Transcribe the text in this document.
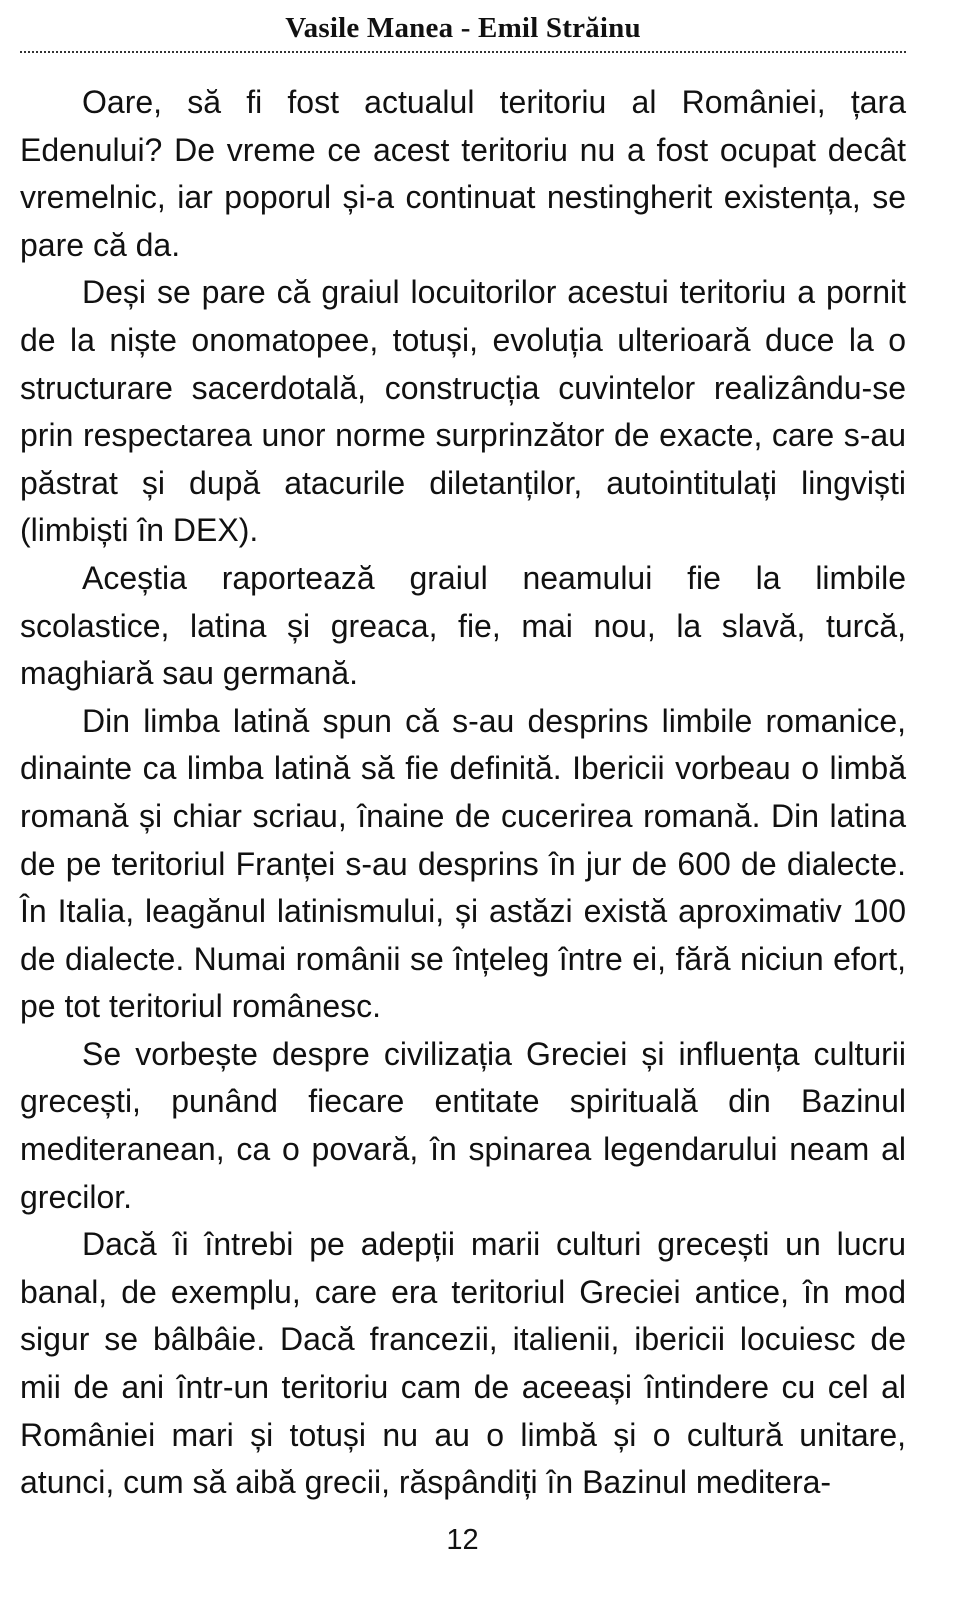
Vasile Manea - Emil Străinu

Oare, să fi fost actualul teritoriu al României, țara Edenului? De vreme ce acest teritoriu nu a fost ocupat decât vremelnic, iar poporul și-a continuat nestingherit existența, se pare că da.

Deși se pare că graiul locuitorilor acestui teritoriu a pornit de la niște onomatopee, totuși, evoluția ulterioară duce la o structurare sacerdotală, construcția cuvintelor realizându-se prin respectarea unor norme surprinzător de exacte, care s-au păstrat și după atacurile diletanților, autointitulați lingviști (limbiști în DEX).

Aceștia raportează graiul neamului fie la limbile scolastice, latina și greaca, fie, mai nou, la slavă, turcă, maghiară sau germană.

Din limba latină spun că s-au desprins limbile romanice, dinainte ca limba latină să fie definită. Ibericii vorbeau o limbă romană și chiar scriau, înaine de cucerirea romană. Din latina de pe teritoriul Franței s-au desprins în jur de 600 de dialecte. În Italia, leagănul latinismului, și astăzi există aproximativ 100 de dialecte. Numai românii se înțeleg între ei, fără niciun efort, pe tot teritoriul românesc.

Se vorbește despre civilizația Greciei și influența culturii grecești, punând fiecare entitate spirituală din Bazinul mediteranean, ca o povară, în spinarea legendarului neam al grecilor.

Dacă îi întrebi pe adepții marii culturi grecești un lucru banal, de exemplu, care era teritoriul Greciei antice, în mod sigur se bâlbâie. Dacă francezii, italienii, ibericii locuiesc de mii de ani într-un teritoriu cam de aceeași întindere cu cel al României mari și totuși nu au o limbă și o cultură unitare, atunci, cum să aibă grecii, răspândiți în Bazinul meditera-

12
